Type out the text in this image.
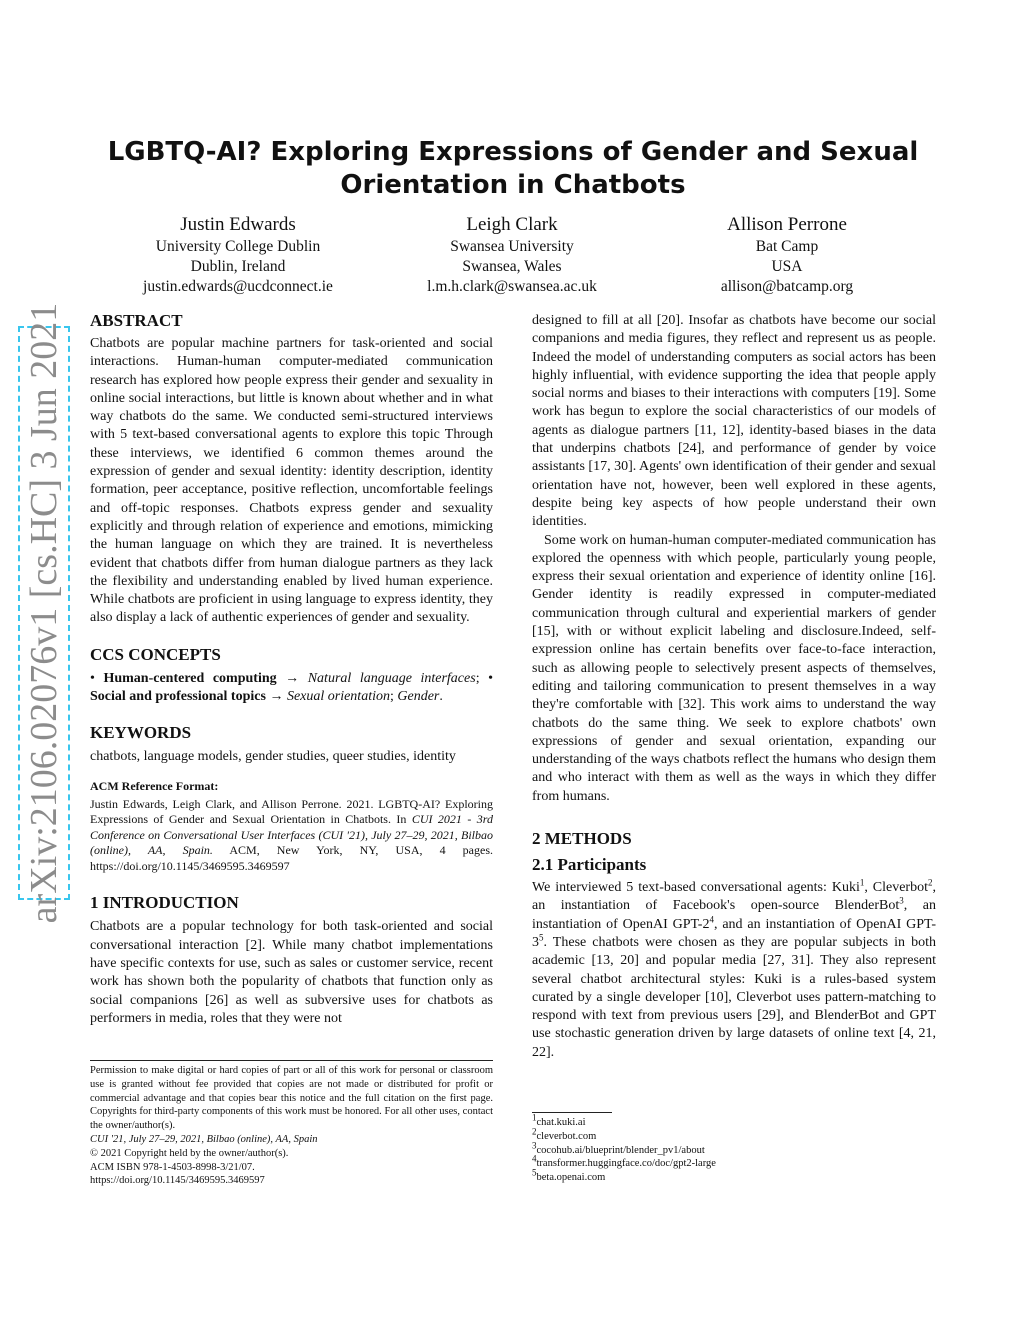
arXiv:2106.02076v1 [cs.HC] 3 Jun 2021
LGBTQ-AI? Exploring Expressions of Gender and Sexual Orientation in Chatbots
Justin Edwards
University College Dublin
Dublin, Ireland
justin.edwards@ucdconnect.ie
Leigh Clark
Swansea University
Swansea, Wales
l.m.h.clark@swansea.ac.uk
Allison Perrone
Bat Camp
USA
allison@batcamp.org

ABSTRACT

Chatbots are popular machine partners for task-oriented and social interactions. Human-human computer-mediated communication research has explored how people express their gender and sexuality in online social interactions, but little is known about whether and in what way chatbots do the same. We conducted semi-structured interviews with 5 text-based conversational agents to explore this topic Through these interviews, we identified 6 common themes around the expression of gender and sexual identity: identity description, identity formation, peer acceptance, positive reflection, uncomfortable feelings and off-topic responses. Chatbots express gender and sexuality explicitly and through relation of experience and emotions, mimicking the human language on which they are trained. It is nevertheless evident that chatbots differ from human dialogue partners as they lack the flexibility and understanding enabled by lived human experience. While chatbots are proficient in using language to express identity, they also display a lack of authentic experiences of gender and sexuality.

CCS CONCEPTS

• Human-centered computing → Natural language interfaces; • Social and professional topics → Sexual orientation; Gender.

KEYWORDS

chatbots, language models, gender studies, queer studies, identity

ACM Reference Format:

Justin Edwards, Leigh Clark, and Allison Perrone. 2021. LGBTQ-AI? Exploring Expressions of Gender and Sexual Orientation in Chatbots. In CUI 2021 - 3rd Conference on Conversational User Interfaces (CUI '21), July 27–29, 2021, Bilbao (online), AA, Spain. ACM, New York, NY, USA, 4 pages. https://doi.org/10.1145/3469595.3469597

1 INTRODUCTION

Chatbots are a popular technology for both task-oriented and social conversational interaction [2]. While many chatbot implementations have specific contexts for use, such as sales or customer service, recent work has shown both the popularity of chatbots that function only as social companions [26] as well as subversive uses for chatbots as performers in media, roles that they were not

Permission to make digital or hard copies of part or all of this work for personal or classroom use is granted without fee provided that copies are not made or distributed for profit or commercial advantage and that copies bear this notice and the full citation on the first page. Copyrights for third-party components of this work must be honored. For all other uses, contact the owner/author(s).

CUI '21, July 27–29, 2021, Bilbao (online), AA, Spain

© 2021 Copyright held by the owner/author(s).

ACM ISBN 978-1-4503-8998-3/21/07.

https://doi.org/10.1145/3469595.3469597

designed to fill at all [20]. Insofar as chatbots have become our social companions and media figures, they reflect and represent us as people. Indeed the model of understanding computers as social actors has been highly influential, with evidence supporting the idea that people apply social norms and biases to their interactions with computers [19]. Some work has begun to explore the social characteristics of our models of agents as dialogue partners [11, 12], identity-based biases in the data that underpins chatbots [24], and performance of gender by voice assistants [17, 30]. Agents' own identification of their gender and sexual orientation have not, however, been well explored in these agents, despite being key aspects of how people understand their own identities.

Some work on human-human computer-mediated communication has explored the openness with which people, particularly young people, express their sexual orientation and experience of identity online [16]. Gender identity is readily expressed in computer-mediated communication through cultural and experiential markers of gender [15], with or without explicit labeling and disclosure.Indeed, self-expression online has certain benefits over face-to-face interaction, such as allowing people to selectively present aspects of themselves, editing and tailoring communication to present themselves in a way they're comfortable with [32]. This work aims to understand the way chatbots do the same thing. We seek to explore chatbots' own expressions of gender and sexual orientation, expanding our understanding of the ways chatbots reflect the humans who design them and who interact with them as well as the ways in which they differ from humans.

2 METHODS

2.1 Participants

We interviewed 5 text-based conversational agents: Kuki$^1$, Cleverbot$^2$, an instantiation of Facebook's open-source BlenderBot$^3$, an instantiation of OpenAI GPT-$2^4$, and an instantiation of OpenAI GPT-$3^5$. These chatbots were chosen as they are popular subjects in both academic [13, 20] and popular media [27, 31]. They also represent several chatbot architectural styles: Kuki is a rules-based system curated by a single developer [10], Cleverbot uses pattern-matching to respond with text from previous users [29], and BlenderBot and GPT use stochastic generation driven by large datasets of online text [4, 21, 22].

$^1$chat.kuki.ai

$^2$cleverbot.com

$^3$cocohub.ai/blueprint/blender_pv1/about

$^4$transformer.huggingface.co/doc/gpt2-large

$^5$beta.openai.com
